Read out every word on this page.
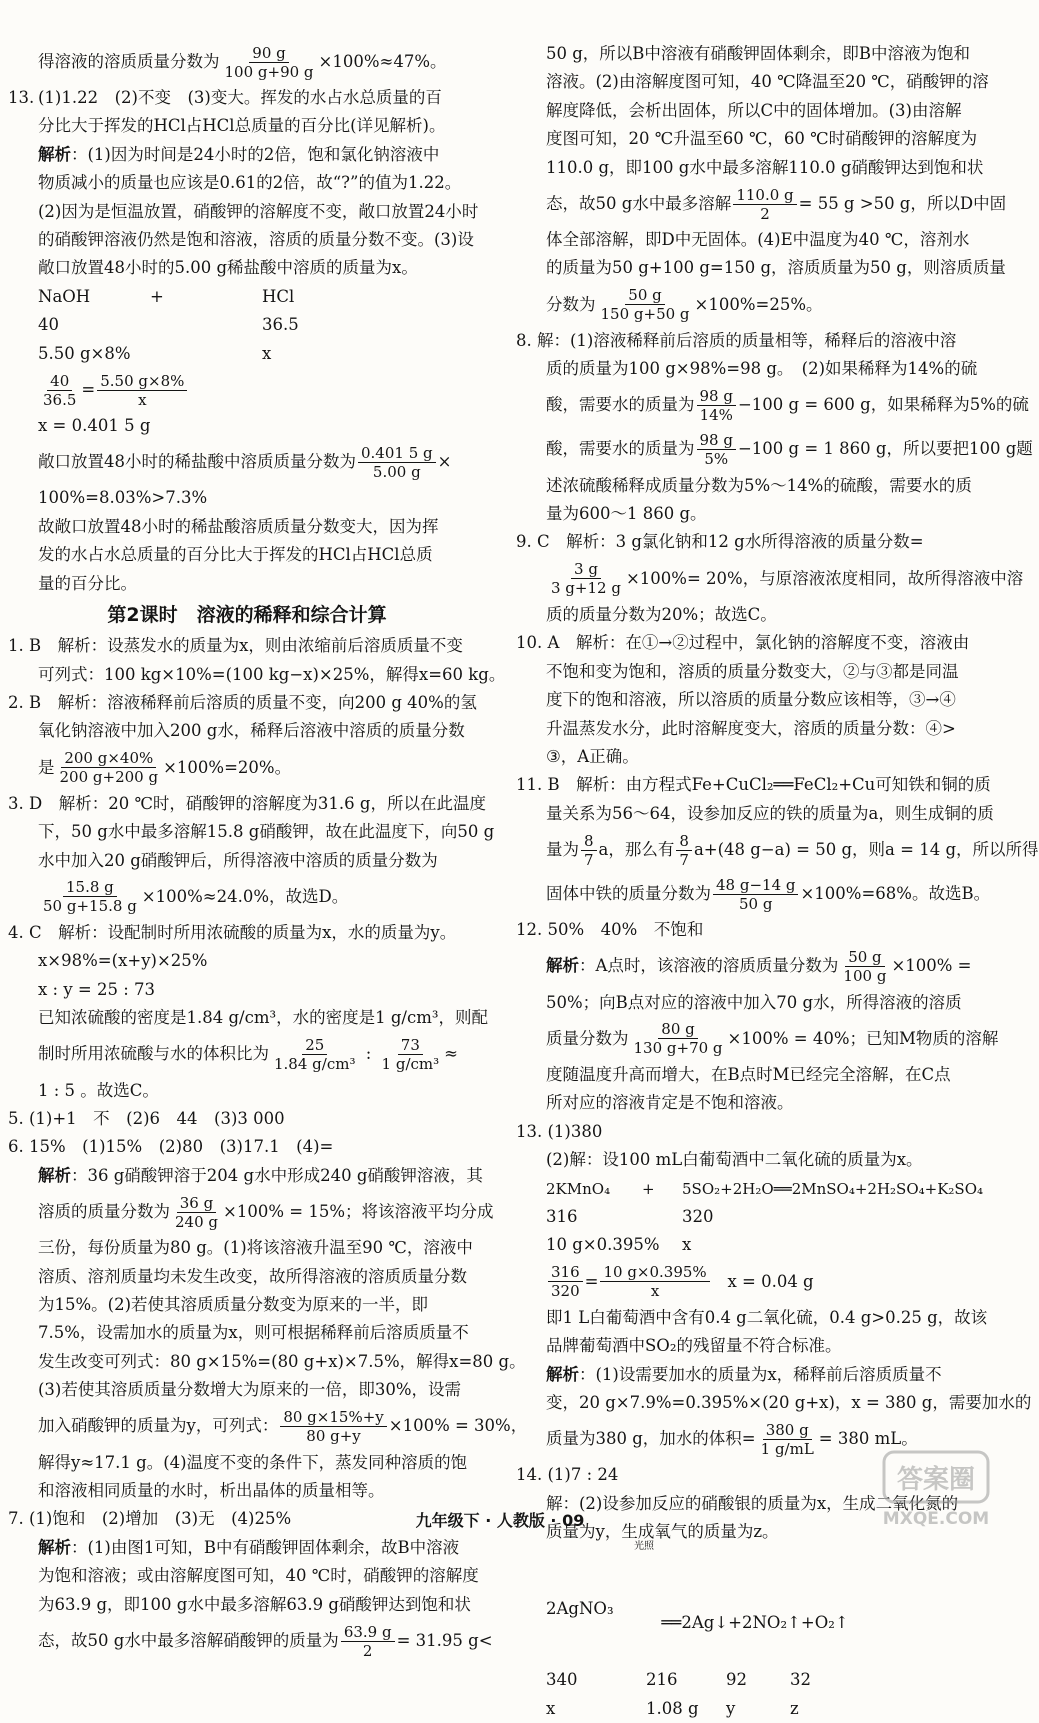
得溶液的溶质质量分数为 $\frac{90 g}{100 g+90 g} \times 100\%\approx 47\%$。
13. (1)1.22　(2)不变　(3)变大。挥发的水占水总质量的百
分比大于挥发的HCl占HCl总质量的百分比(详见解析)。
解析：(1)因为时间是24小时的2倍，饱和氯化钠溶液中
物质减小的质量也应该是0.61的2倍，故“?”的值为1.22。
(2)因为是恒温放置，硝酸钾的溶解度不变，敞口放置24小时
的硝酸钾溶液仍然是饱和溶液，溶质的质量分数不变。(3)设
敞口放置48小时的5.00 g稀盐酸中溶质的质量为x。
NaOH	+	HCl
40	36.5
5.50 g×8%	x
$\frac{40}{36.5} = \frac{5.50 g\times 8\%}{x}$
x = 0.401 5 g
敞口放置48小时的稀盐酸中溶质质量分数为 $\frac{0.401 5 g}{5.00 g}$ ×
100%=8.03%>7.3%
故敞口放置48小时的稀盐酸溶质质量分数变大，因为挥
发的水占水总质量的百分比大于挥发的HCl占HCl总质
量的百分比。
第2课时　溶液的稀释和综合计算
1. B　解析：设蒸发水的质量为x，则由浓缩前后溶质质量不变
可列式：100 kg×10%=(100 kg−x)×25%，解得x=60 kg。
2. B　解析：溶液稀释前后溶质的质量不变，向200 g 40%的氢
氧化钠溶液中加入200 g水，稀释后溶液中溶质的质量分数
是 $\frac{200 g\times 40\%}{200 g+200 g} \times 100\%=20\%$。
3. D　解析：20 ℃时，硝酸钾的溶解度为31.6 g，所以在此温度
下，50 g水中最多溶解15.8 g硝酸钾，故在此温度下，向50 g
水中加入20 g硝酸钾后，所得溶液中溶质的质量分数为
$\frac{15.8 g}{50 g+15.8 g} \times 100\%\approx 24.0\%$，故选D。
4. C　解析：设配制时所用浓硫酸的质量为x，水的质量为y。
x×98%=(x+y)×25%
x : y = 25 : 73
已知浓硫酸的密度是1.84 g/cm³，水的密度是1 g/cm³，则配
制时所用浓硫酸与水的体积比为 $\frac{25}{\text{1.84 g/cm³}}$ : $\frac{73}{\text{1 g/cm³}}$ ≈
1 : 5 。故选C。
5. (1)+1　不　(2)6　44　(3)3 000
6. 15%　(1)15%　(2)80　(3)17.1　(4)=
解析：36 g硝酸钾溶于204 g水中形成240 g硝酸钾溶液，其
溶质的质量分数为 $\frac{36 g}{240 g} \times 100\% = 15\%$；将该溶液平均分成
三份，每份质量为80 g。(1)将该溶液升温至90 ℃，溶液中
溶质、溶剂质量均未发生改变，故所得溶液的溶质质量分数
为15%。(2)若使其溶质质量分数变为原来的一半，即
7.5%，设需加水的质量为x，则可根据稀释前后溶质质量不
发生改变可列式：80 g×15%=(80 g+x)×7.5%，解得x=80 g。
(3)若使其溶质质量分数增大为原来的一倍，即30%，设需
加入硝酸钾的质量为y，可列式： $\frac{80 g\times 15\%+y}{80 g+y} \times 100\% = 30\%$，
解得y≈17.1 g。(4)温度不变的条件下，蒸发同种溶质的饱
和溶液相同质量的水时，析出晶体的质量相等。
7. (1)饱和　(2)增加　(3)无　(4)25%
解析：(1)由图1可知，B中有硝酸钾固体剩余，故B中溶液
为饱和溶液；或由溶解度图可知，40 ℃时，硝酸钾的溶解度
为63.9 g，即100 g水中最多溶解63.9 g硝酸钾达到饱和状
态，故50 g水中最多溶解硝酸钾的质量为 $\frac{63.9 g}{2} = 31.95$ g<
50 g，所以B中溶液有硝酸钾固体剩余，即B中溶液为饱和
溶液。(2)由溶解度图可知，40 ℃降温至20 ℃，硝酸钾的溶
解度降低，会析出固体，所以C中的固体增加。(3)由溶解
度图可知，20 ℃升温至60 ℃，60 ℃时硝酸钾的溶解度为
110.0 g，即100 g水中最多溶解110.0 g硝酸钾达到饱和状
态，故50 g水中最多溶解 $\frac{110.0 g}{2} = 55$ g >50 g，所以D中固
体全部溶解，即D中无固体。(4)E中温度为40 ℃，溶剂水
的质量为50 g+100 g=150 g，溶质质量为50 g，则溶质质量
分数为 $\frac{50 g}{150 g+50 g} \times 100\%=25\%$。
8. 解：(1)溶液稀释前后溶质的质量相等，稀释后的溶液中溶
质的质量为100 g×98%=98 g。　(2)如果稀释为14%的硫
酸，需要水的质量为 $\frac{98 g}{14\%} -100$ g = 600 g，如果稀释为5%的硫
酸，需要水的质量为 $\frac{98 g}{5\%} -100$ g = 1 860 g，所以要把100 g题
述浓硫酸稀释成质量分数为5%～14%的硫酸，需要水的质
量为600～1 860 g。
9. C　解析：3 g氯化钠和12 g水所得溶液的质量分数=
$\frac{3 g}{3 g+12 g} \times 100\%= 20\%$，与原溶液浓度相同，故所得溶液中溶
质的质量分数为20%；故选C。
10. A　解析：在①→②过程中，氯化钠的溶解度不变，溶液由
不饱和变为饱和，溶质的质量分数变大，②与③都是同温
度下的饱和溶液，所以溶质的质量分数应该相等，③→④
升温蒸发水分，此时溶解度变大，溶质的质量分数：④>
③，A正确。
11. B　解析：由方程式Fe+CuCl₂══FeCl₂+Cu可知铁和铜的质
量关系为56～64，设参加反应的铁的质量为a，则生成铜的质
量为 $\frac{8}{7}$ a，那么有 $\frac{8}{7} a+(48$ g−a) = 50 g，则a = 14 g，所以所得
固体中铁的质量分数为 $\frac{48 g-14 g}{50 g} \times 100\%=68\%$。故选B。
12. 50%　40%　不饱和
解析 ：A点时，该溶液的溶质质量分数为 $\frac{50 g}{100 g} \times 100\%$ =
50%；向B点对应的溶液中加入70 g水，所得溶液的溶质
质量分数为 $\frac{80 g}{130 g+70 g} \times 100\% = 40\%$；已知M物质的溶解
度随温度升高而增大，在B点时M已经完全溶解，在C点
所对应的溶液肯定是不饱和溶液。
13. (1)380
(2)解：设100 mL白葡萄酒中二氧化硫的质量为x。
2KMnO₄	+	5SO₂+2H₂O══2MnSO₄+2H₂SO₄+K₂SO₄
316	320
10 g×0.395%	x
$\frac{316}{320} = \frac{10 g\times 0.395\%}{x}$
x = 0.04 g
即1 L白葡萄酒中含有0.4 g二氧化硫，0.4 g>0.25 g，故该
品牌葡萄酒中SO₂的残留量不符合标准。
解析：(1)设需要加水的质量为x，稀释前后溶质质量不
变，20 g×7.9%=0.395%×(20 g+x)，x = 380 g，需要加水的
质量为380 g，加水的体积= $\frac{380 g}{1 g/mL} = 380$ mL。
14. (1)7 : 24
解：(2)设参加反应的硝酸银的质量为x，生成二氧化氮的
质量为y，生成氧气的质量为z。
2AgNO₃

光照

══2Ag↓+2NO₂↑+O₂↑

340	216	92	32
x	1.08 g	y	z
九年级下 · 人教版 · 09
答案圈
MXQE.COM
